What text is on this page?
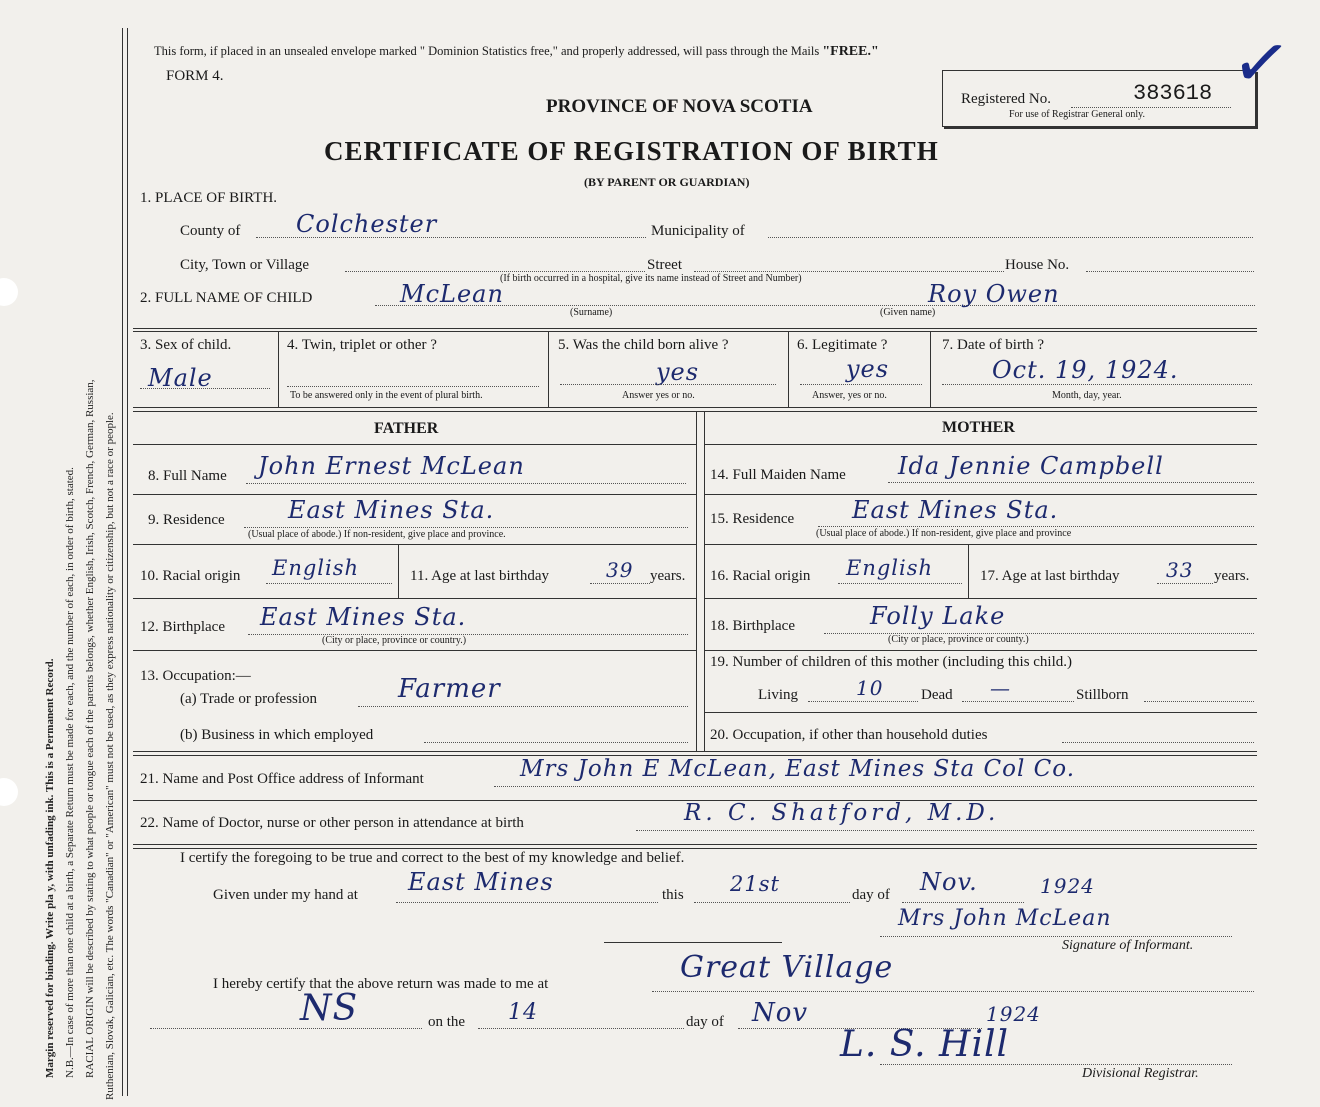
Margin reserved for binding. Write pla y, with unfading ink. This is a Permanent Record. N.B.—In case of more than one child at a birth, a Separate Return must be made for each, and the number of each, in order of birth, stated. RACIAL ORIGIN will be described by stating to what people or tongue each of the parents belongs, whether English, Irish, Scotch, French, German, Russian, Ruthenian, Slovak, Galician, etc. The words "Canadian" or "American" must not be used, as they express nationality or citizenship, but not a race or people.
This form, if placed in an unsealed envelope marked " Dominion Statistics free," and properly addressed, will pass through the Mails "FREE."
FORM 4.
PROVINCE OF NOVA SCOTIA
CERTIFICATE OF REGISTRATION OF BIRTH
(BY PARENT OR GUARDIAN)
Registered No.	383618
For use of Registrar General only.
✓
1. PLACE OF BIRTH.
County of Colchester	Municipality of
City, Town or Village	Street	House No.
(If birth occurred in a hospital, give its name instead of Street and Number)
2. FULL NAME OF CHILD	McLean	Roy Owen
(Surname)	(Given name)
3. Sex of child.
Male
4. Twin, triplet or other ?
To be answered only in the event of plural birth.
5. Was the child born alive ?
yes
Answer yes or no.
6. Legitimate ?
yes
Answer, yes or no.
7. Date of birth ?
Oct. 19, 1924.
Month, day, year.
FATHER	MOTHER
8. Full Name John Ernest McLean	14. Full Maiden Name Ida Jennie Campbell
9. Residence	East Mines Sta.
(Usual place of abode.) If non-resident, give place and province.
15. Residence East Mines Sta.
(Usual place of abode.) If non-resident, give place and province
10. Racial origin English	11. Age at last birthday	39 years. 16. Racial origin English	17. Age at last birthday 33 years.
12. Birthplace East Mines Sta.
(City or place, province or country.)
18. Birthplace	Folly Lake
(City or place, province or county.)
13. Occupation:—
(a) Trade or profession	Farmer
(b) Business in which employed
19. Number of children of this mother (including this child.)
Living	10	Dead —	Stillborn
20. Occupation, if other than household duties
21. Name and Post Office address of Informant	Mrs John E McLean, East Mines Sta Col Co.
22. Name of Doctor, nurse or other person in attendance at birth	R. C. Shatford, M.D.
I certify the foregoing to be true and correct to the best of my knowledge and belief.
Given under my hand at East Mines	this 21st	day of Nov.	1924
Mrs John McLean
Signature of Informant.
I hereby certify that the above return was made to me at	Great Village
NS	on the 14	day of Nov	1924
L. S. Hill
Divisional Registrar.
